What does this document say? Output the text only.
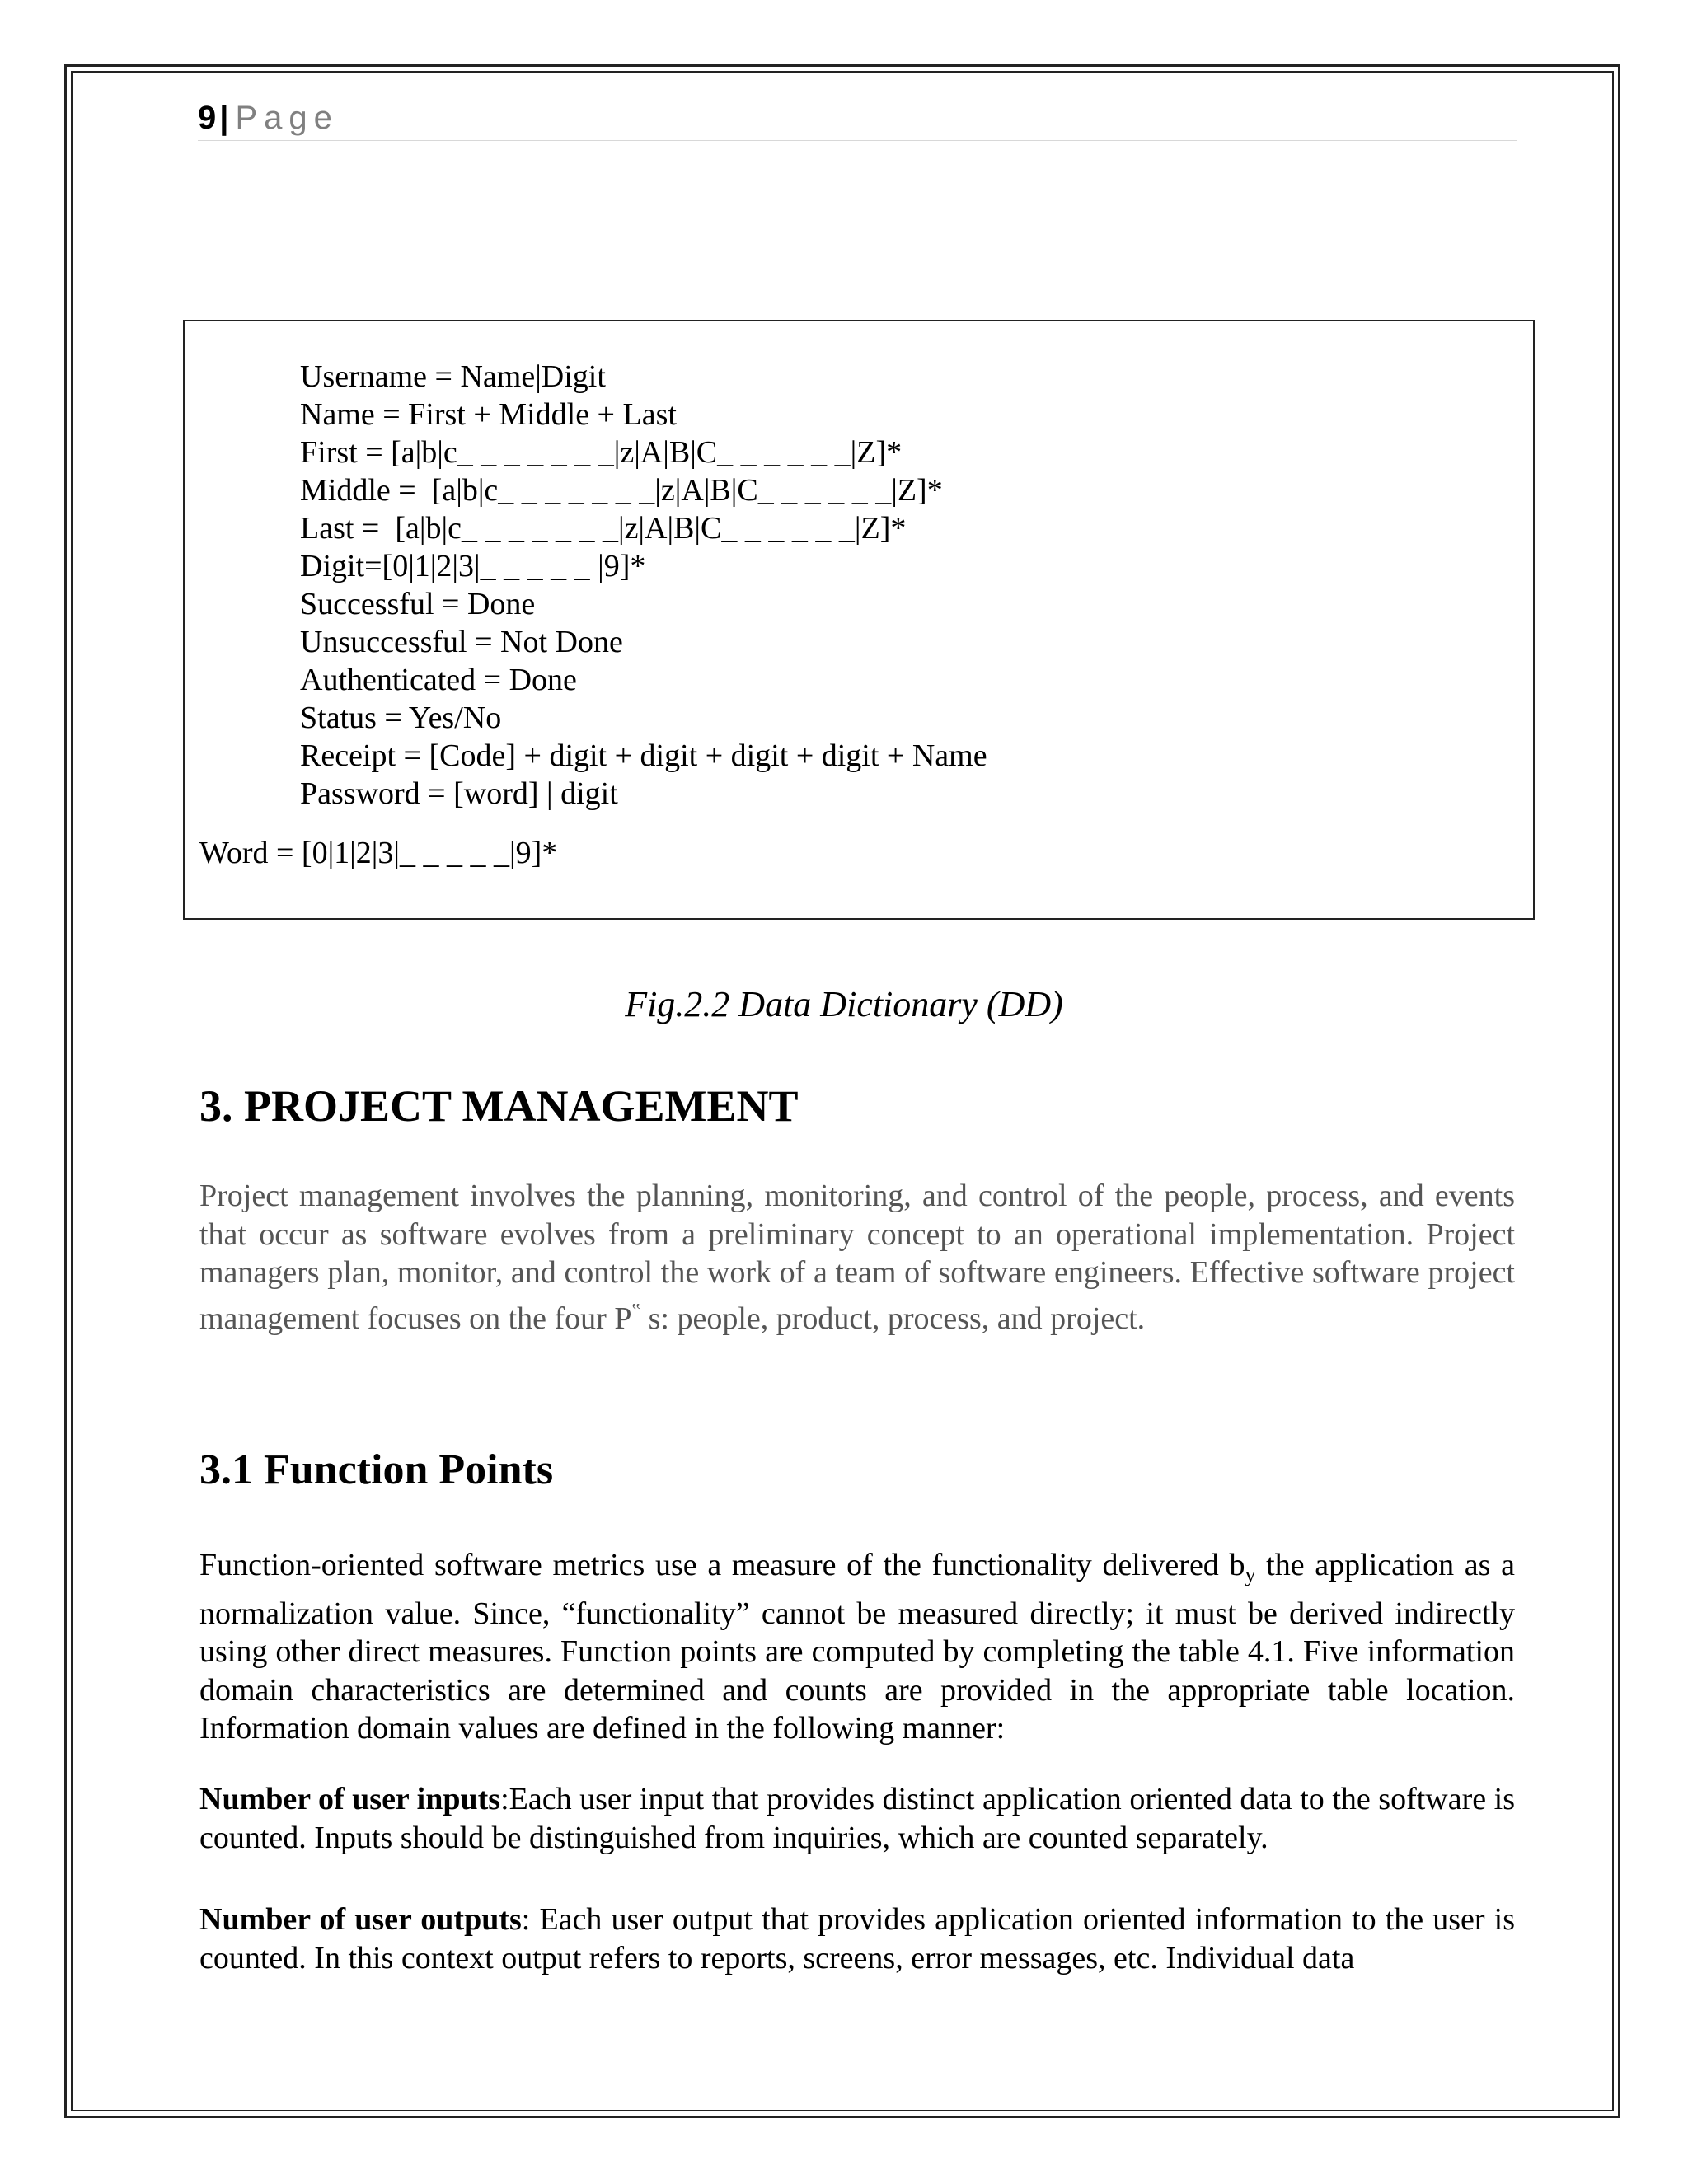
9 | Page
Username = Name|Digit
Name = First + Middle + Last
First = [a|b|c_ _ _ _ _ _ _|z|A|B|C_ _ _ _ _ _|Z]*
Middle =  [a|b|c_ _ _ _ _ _ _|z|A|B|C_ _ _ _ _ _|Z]*
Last =  [a|b|c_ _ _ _ _ _ _|z|A|B|C_ _ _ _ _ _|Z]*
Digit=[0|1|2|3|_ _ _ _ _ |9]*
Successful = Done
Unsuccessful = Not Done
Authenticated = Done
Status = Yes/No
Receipt = [Code] + digit + digit + digit + digit + Name
Password = [word] | digit
Word = [0|1|2|3|_ _ _ _ _|9]*
Fig.2.2 Data Dictionary (DD)
3. PROJECT MANAGEMENT
Project management involves the planning, monitoring, and control of the people, process, and events that occur as software evolves from a preliminary concept to an operational implementation. Project managers plan, monitor, and control the work of a team of software engineers. Effective software project management focuses on the four P‟ s: people, product, process, and project.
3.1 Function Points
Function-oriented software metrics use a measure of the functionality delivered $b_y$ the application as a normalization value. Since, “functionality” cannot be measured directly; it must be derived indirectly using other direct measures. Function points are computed by completing the table 4.1. Five information domain characteristics are determined and counts are provided in the appropriate table location. Information domain values are defined in the following manner:
Number of user inputs:Each user input that provides distinct application oriented data to the software is counted. Inputs should be distinguished from inquiries, which are counted separately.
Number of user outputs: Each user output that provides application oriented information to the user is counted. In this context output refers to reports, screens, error messages, etc. Individual data
